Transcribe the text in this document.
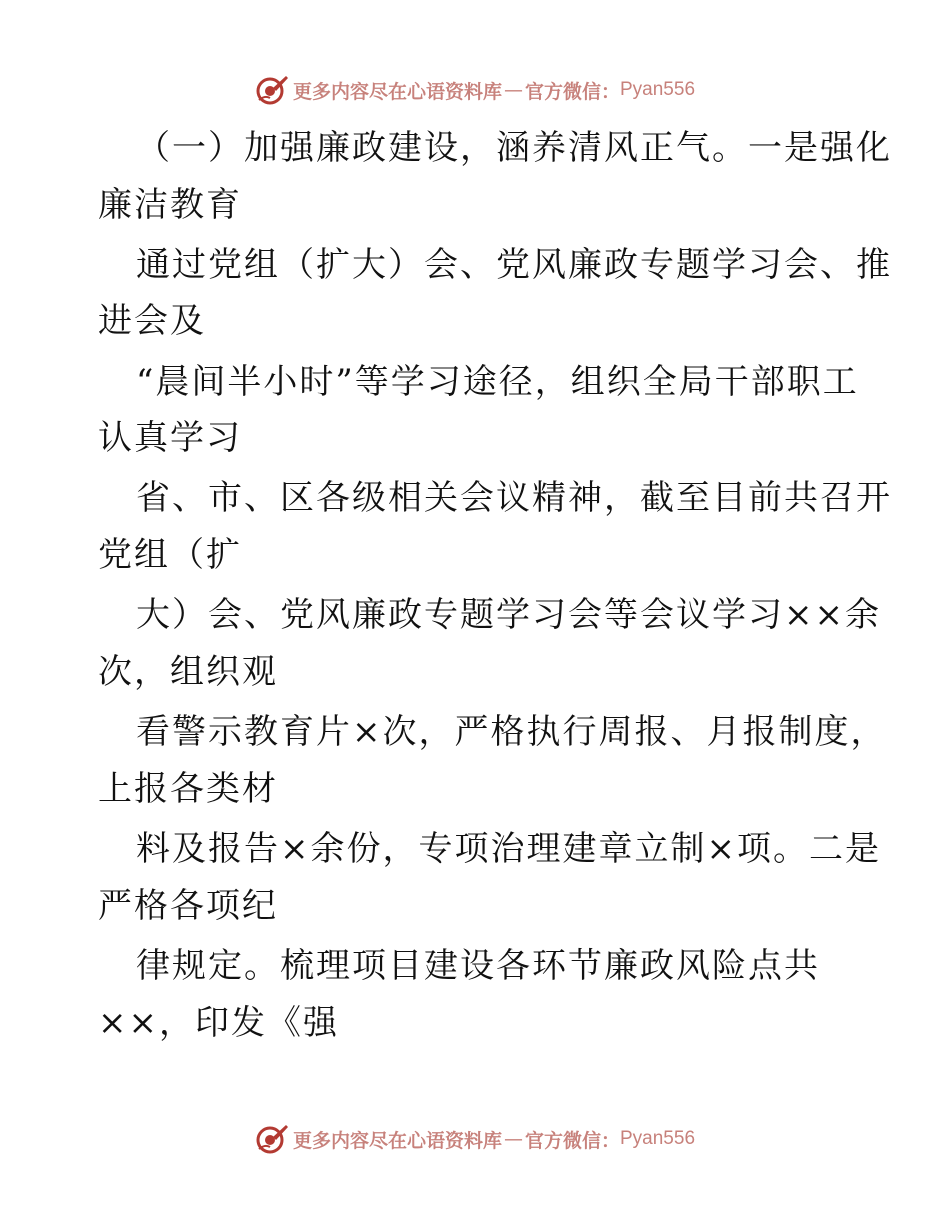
更多内容尽在心语资料库 — 官方微信： Pyan556
（一）加强廉政建设，涵养清风正气。一是强化
廉洁教育
通过党组（扩大）会、党风廉政专题学习会、推
进会及
“晨间半小时”等学习途径，组织全局干部职工
认真学习
省、市、区各级相关会议精神，截至目前共召开
党组（扩
大）会、党风廉政专题学习会等会议学习××余
次，组织观
看警示教育片×次，严格执行周报、月报制度，
上报各类材
料及报告×余份，专项治理建章立制×项。二是
严格各项纪
律规定。梳理项目建设各环节廉政风险点共
××，印发《强
更多内容尽在心语资料库 — 官方微信： Pyan556
